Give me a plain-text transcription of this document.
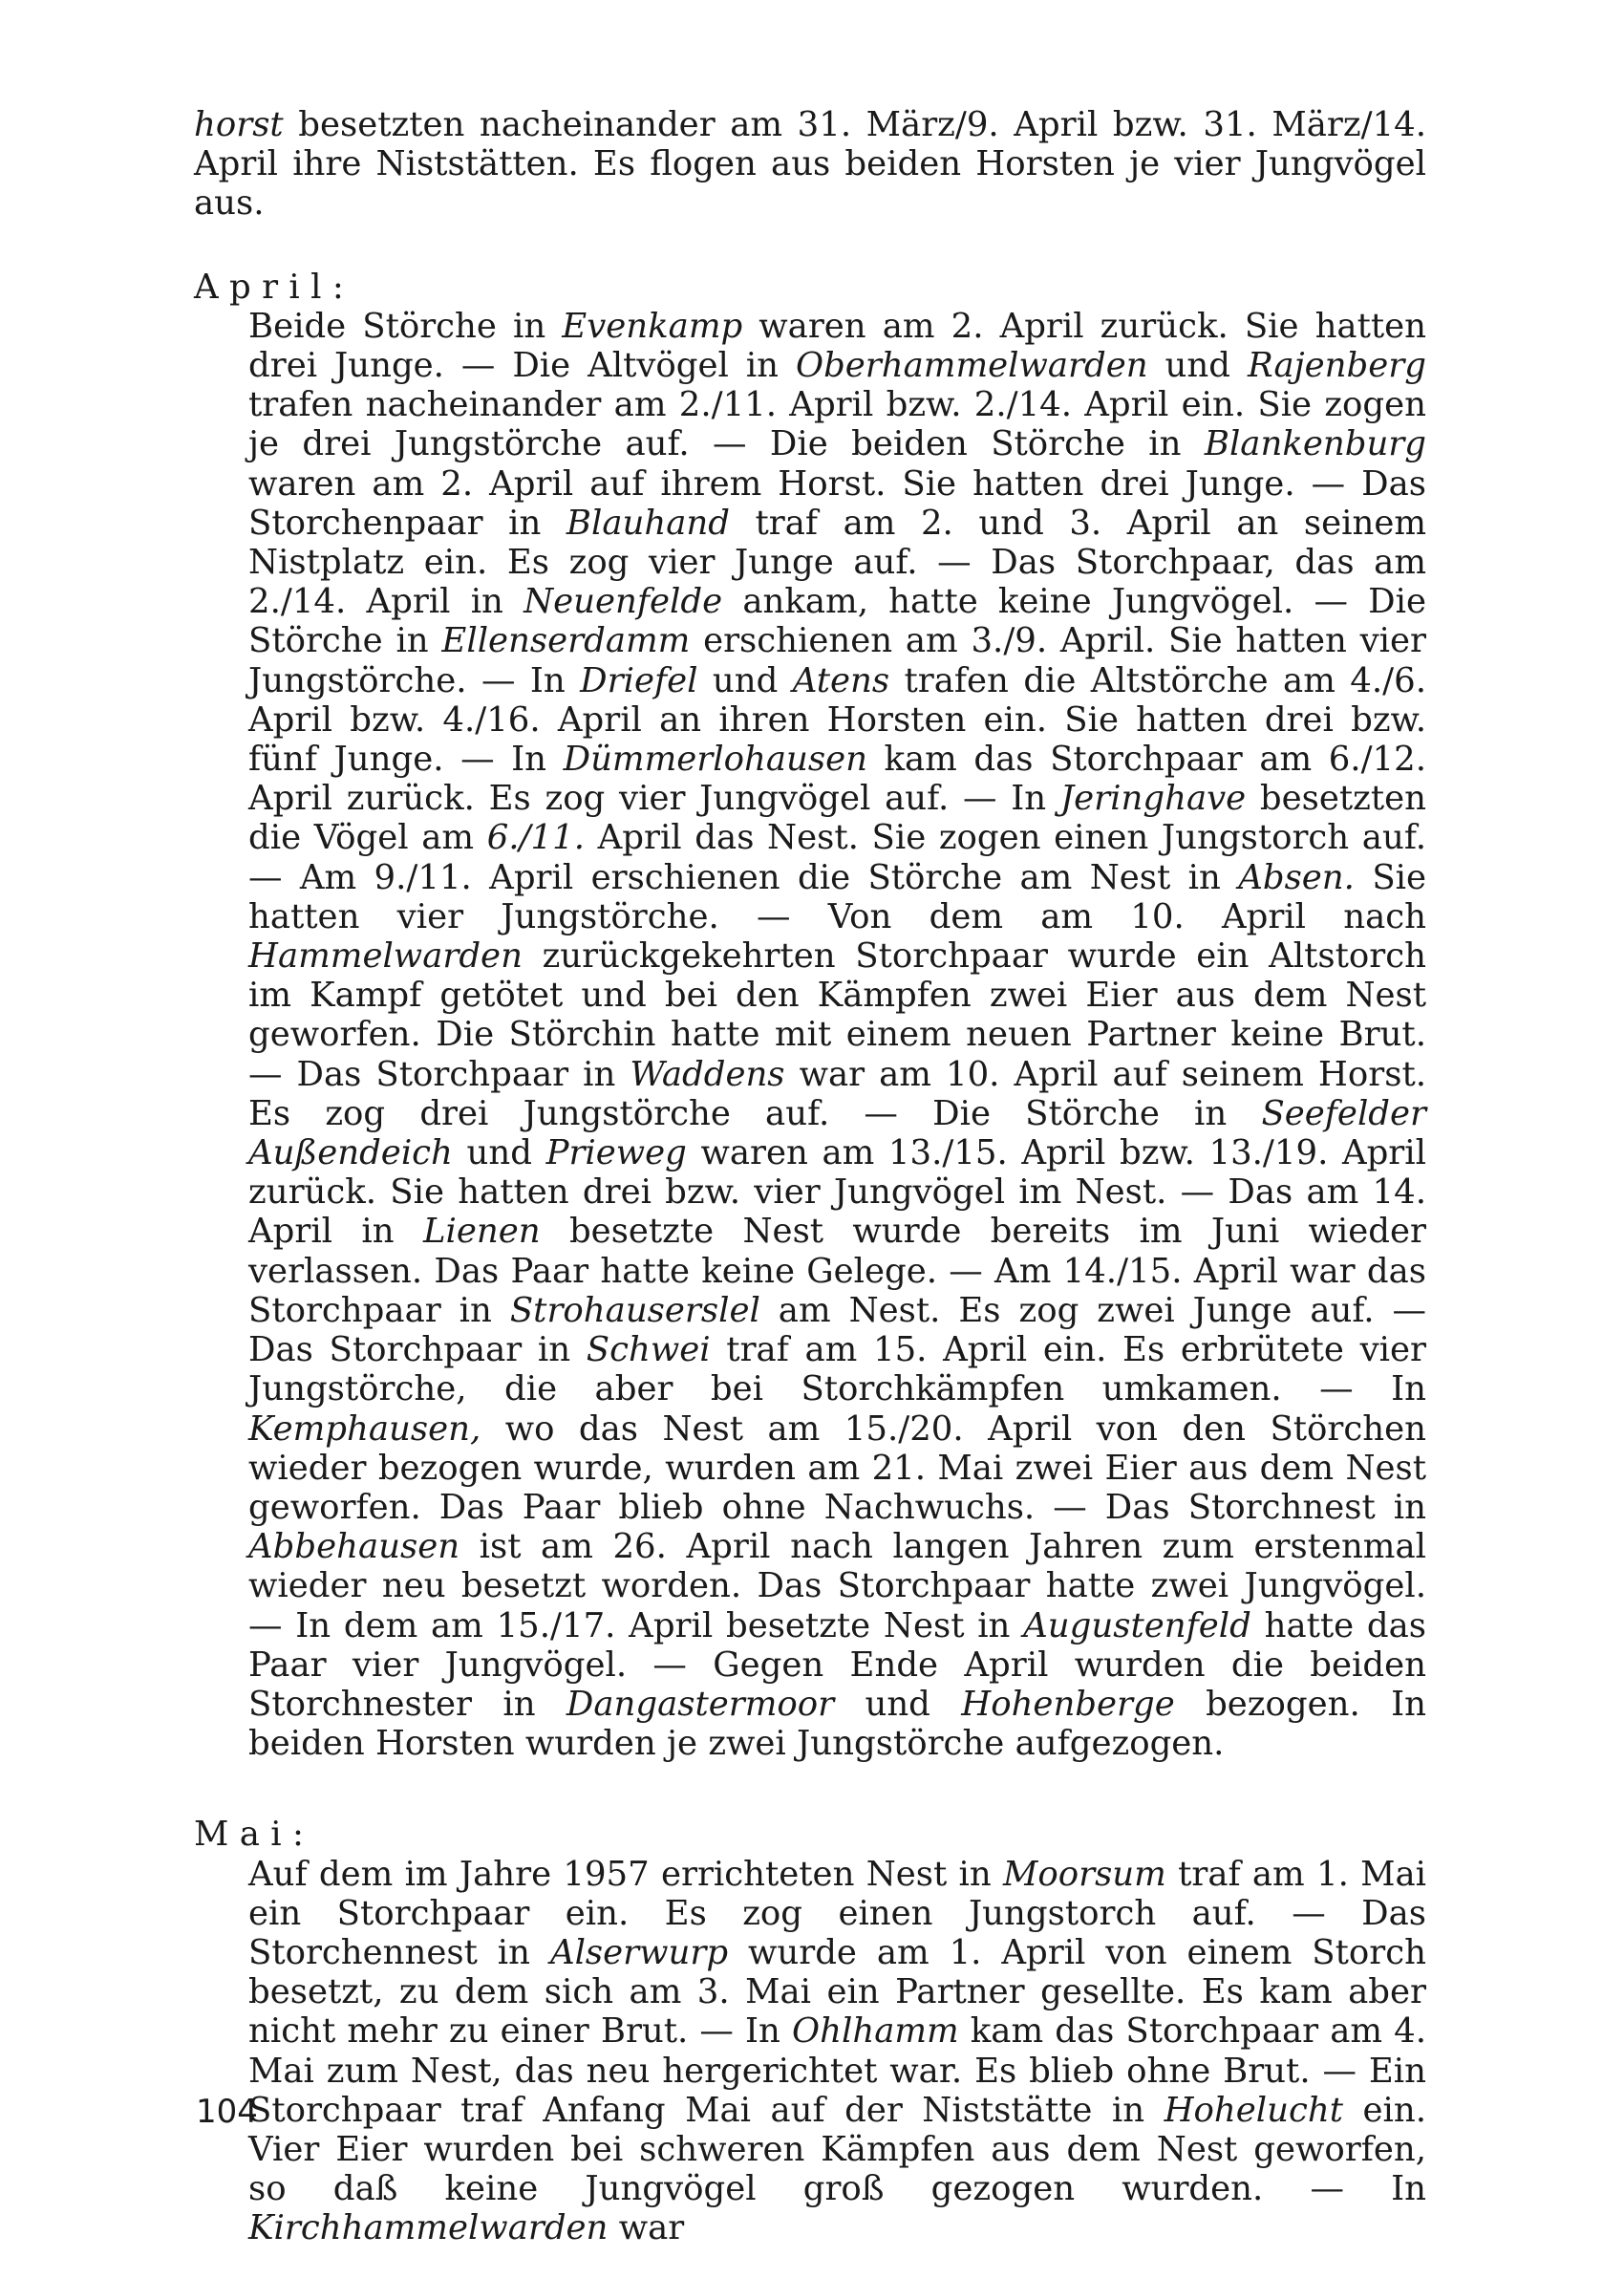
horst besetzten nacheinander am 31. März/9. April bzw. 31. März/14. April ihre Niststätten. Es flogen aus beiden Horsten je vier Jungvögel aus.

April:

Beide Störche in Evenkamp waren am 2. April zurück. Sie hatten drei Junge. — Die Altvögel in Oberhammelwarden und Rajenberg trafen nacheinander am 2./11. April bzw. 2./14. April ein. Sie zogen je drei Jungstörche auf. — Die beiden Störche in Blankenburg waren am 2. April auf ihrem Horst. Sie hatten drei Junge. — Das Storchenpaar in Blauhand traf am 2. und 3. April an seinem Nistplatz ein. Es zog vier Junge auf. — Das Storchpaar, das am 2./14. April in Neuenfelde ankam, hatte keine Jungvögel. — Die Störche in Ellenserdamm erschienen am 3./9. April. Sie hatten vier Jungstörche. — In Driefel und Atens trafen die Altstörche am 4./6. April bzw. 4./16. April an ihren Horsten ein. Sie hatten drei bzw. fünf Junge. — In Dümmerlohausen kam das Storchpaar am 6./12. April zurück. Es zog vier Jungvögel auf. — In Jeringhave besetzten die Vögel am 6./11. April das Nest. Sie zogen einen Jungstorch auf. — Am 9./11. April erschienen die Störche am Nest in Absen. Sie hatten vier Jungstörche. — Von dem am 10. April nach Hammelwarden zurückgekehrten Storchpaar wurde ein Altstorch im Kampf getötet und bei den Kämpfen zwei Eier aus dem Nest geworfen. Die Störchin hatte mit einem neuen Partner keine Brut. — Das Storchpaar in Waddens war am 10. April auf seinem Horst. Es zog drei Jungstörche auf. — Die Störche in Seefelder Außendeich und Prieweg waren am 13./15. April bzw. 13./19. April zurück. Sie hatten drei bzw. vier Jungvögel im Nest. — Das am 14. April in Lienen besetzte Nest wurde bereits im Juni wieder verlassen. Das Paar hatte keine Gelege. — Am 14./15. April war das Storchpaar in Strohauserslel am Nest. Es zog zwei Junge auf. — Das Storchpaar in Schwei traf am 15. April ein. Es erbrütete vier Jungstörche, die aber bei Storchkämpfen umkamen. — In Kemphausen, wo das Nest am 15./20. April von den Störchen wieder bezogen wurde, wurden am 21. Mai zwei Eier aus dem Nest geworfen. Das Paar blieb ohne Nachwuchs. — Das Storchnest in Abbehausen ist am 26. April nach langen Jahren zum erstenmal wieder neu besetzt worden. Das Storchpaar hatte zwei Jungvögel. — In dem am 15./17. April besetzte Nest in Augustenfeld hatte das Paar vier Jungvögel. — Gegen Ende April wurden die beiden Storchnester in Dangastermoor und Hohenberge bezogen. In beiden Horsten wurden je zwei Jungstörche aufgezogen.

Mai:

Auf dem im Jahre 1957 errichteten Nest in Moorsum traf am 1. Mai ein Storchpaar ein. Es zog einen Jungstorch auf. — Das Storchennest in Alserwurp wurde am 1. April von einem Storch besetzt, zu dem sich am 3. Mai ein Partner gesellte. Es kam aber nicht mehr zu einer Brut. — In Ohlhamm kam das Storchpaar am 4. Mai zum Nest, das neu hergerichtet war. Es blieb ohne Brut. — Ein Storchpaar traf Anfang Mai auf der Niststätte in Hohelucht ein. Vier Eier wurden bei schweren Kämpfen aus dem Nest geworfen, so daß keine Jungvögel groß gezogen wurden. — In Kirchhammelwarden war

104
